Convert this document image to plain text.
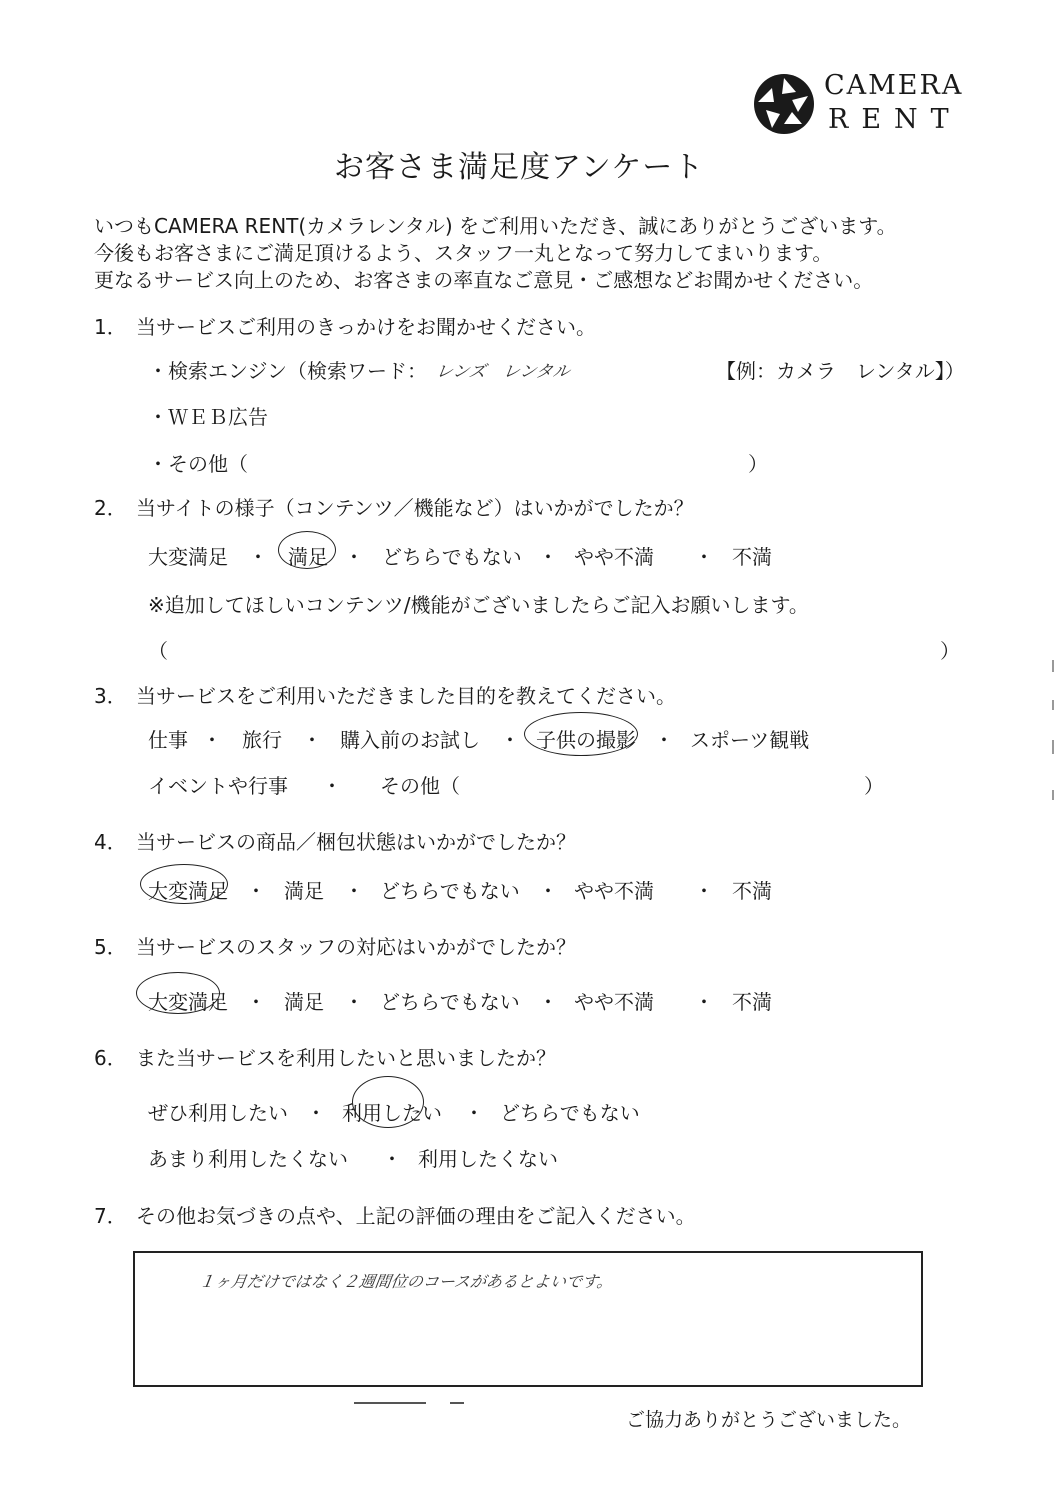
CAMERA
RENT
お客さま満足度アンケート
いつもCAMERA RENT(カメラレンタル) をご利用いただき、誠にありがとうございます。
今後もお客さまにご満足頂けるよう、スタッフ一丸となって努力してまいります。
更なるサービス向上のため、お客さまの率直なご意見・ご感想などお聞かせください。
1． 当サービスご利用のきっかけをお聞かせください。
・検索エンジン（検索ワード： レンズ　レンタル	【例：カメラ　レンタル】）
・ＷＥＢ広告
・その他（	）
2． 当サイトの様子（コンテンツ／機能など）はいかがでしたか？
大変満足 ・ 満足 ・ どちらでもない ・ やや不満 ・ 不満
※追加してほしいコンテンツ/機能がございましたらご記入お願いします。
（	）
3． 当サービスをご利用いただきました目的を教えてください。
仕事 ・ 旅行 ・ 購入前のお試し ・ 子供の撮影 ・ スポーツ観戦
イベントや行事 ・ その他（	）
4． 当サービスの商品／梱包状態はいかがでしたか？
大変満足 ・ 満足 ・ どちらでもない ・ やや不満 ・ 不満
5． 当サービスのスタッフの対応はいかがでしたか？
大変満足 ・ 満足 ・ どちらでもない ・ やや不満 ・ 不満
6． また当サービスを利用したいと思いましたか？
ぜひ利用したい ・ 利用したい ・ どちらでもない
あまり利用したくない ・ 利用したくない
7． その他お気づきの点や、上記の評価の理由をご記入ください。
１ヶ月だけではなく２週間位のコースがあるとよいです。
ご協力ありがとうございました。
